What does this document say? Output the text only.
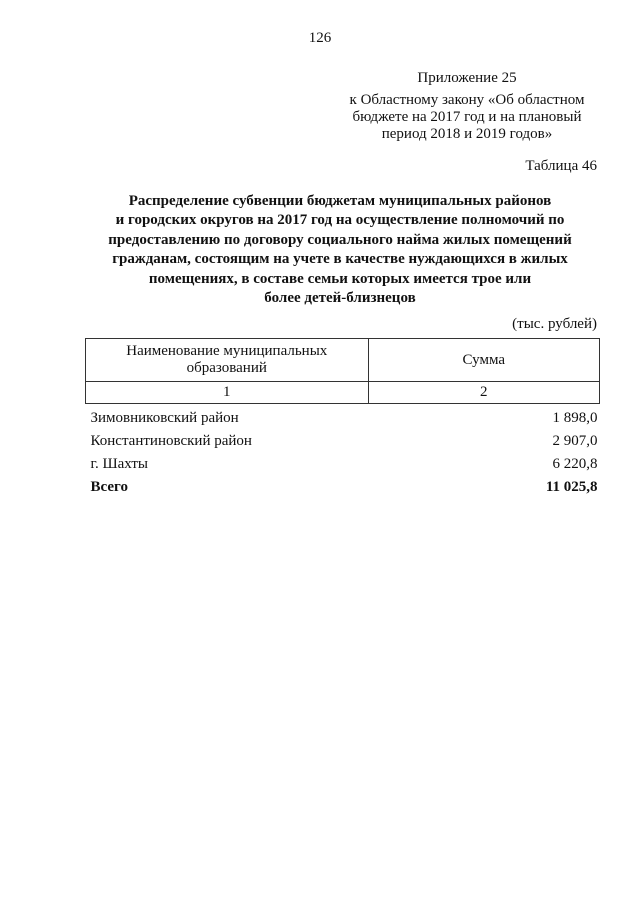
126
Приложение 25
к Областному закону «Об областном
бюджете на 2017 год и на плановый
период 2018 и 2019 годов»
Таблица 46
Распределение субвенции бюджетам муниципальных районов
и городских округов на 2017 год на осуществление полномочий по
предоставлению по договору социального найма жилых помещений
гражданам, состоящим на учете в качестве нуждающихся в жилых
помещениях, в составе семьи которых имеется трое или
более детей-близнецов
(тыс. рублей)
Наименование муниципальных
образований	Сумма
1	2
Зимовниковский район	1 898,0
Константиновский район	2 907,0
г. Шахты	6 220,8
Всего	11 025,8
